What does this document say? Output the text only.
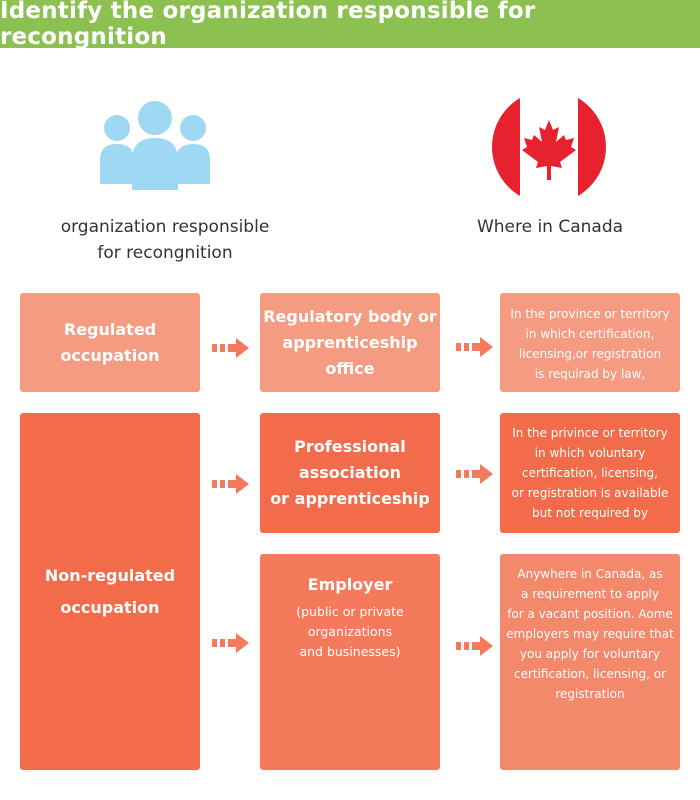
Identify the organization responsible for recongnition
organization responsible
for recongnition
Where in Canada
Regulated
occupation
Regulatory body or
apprenticeship
office
In the province or territory
in which certification,
licensing,or registration
is requirad by law,
Non-regulated
occupation
Professional
association
or apprenticeship
In the privince or territory
in which voluntary
certification, licensing,
or registration is available
but not required by
Employer
(public or private
organizations
and businesses)
Anywhere in Canada, as
a requirement to apply
for a vacant position. Aome
employers may require that
you apply for voluntary
certification, licensing, or
registration
